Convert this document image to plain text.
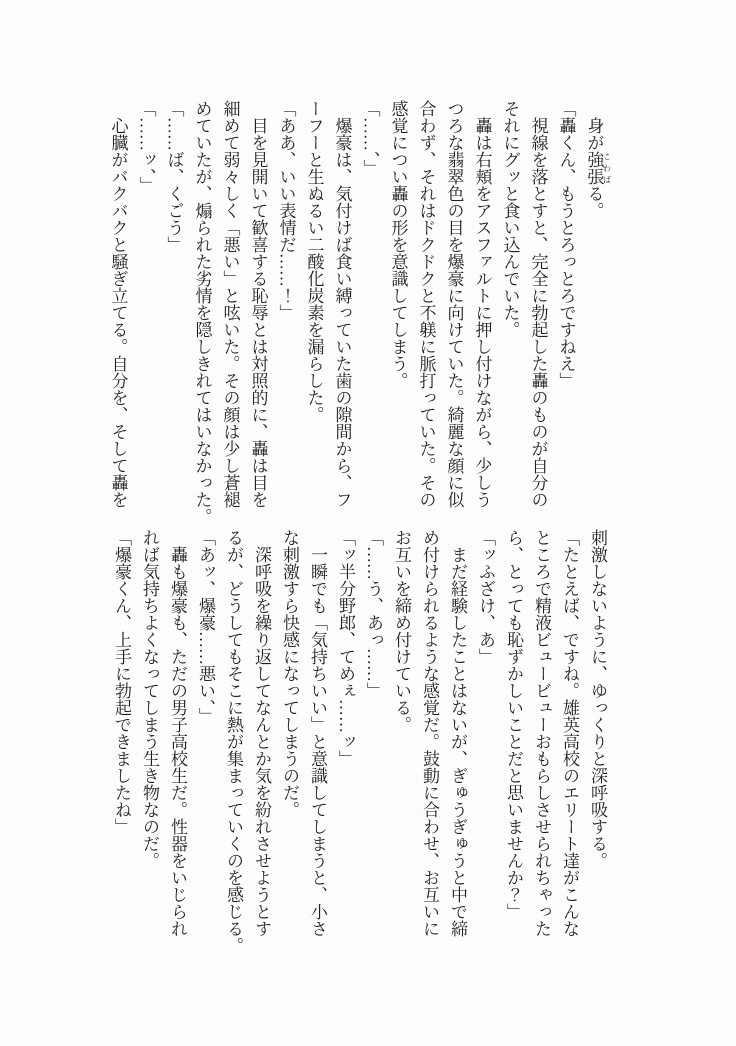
　身が強張 こわばる。

「轟くん、もうとろっとろですねえ」

　視線を落とすと、完全に勃起した轟のものが自分の

それにグッと食い込んでいた。

　轟は右頬をアスファルトに押し付けながら、少しう

つろな翡翠色の目を爆豪に向けていた。綺麗な顔に似

合わず、それはドクドクと不躾に脈打っていた。その

感覚につい轟の形を意識してしまう。

「……、」

　爆豪は、気付けば食い縛っていた歯の隙間から、フ

ーフーと生ぬるい二酸化炭素を漏らした。

「ああ、いい表情だ……！」

　目を見開いて歓喜する恥辱とは対照的に、轟は目を

細めて弱々しく「悪い」と呟いた。その顔は少し蒼褪

めていたが、煽られた劣情を隠しきれてはいなかった。

「……ば、くごう」

「……ッ、」

　心臓がバクバクと騒ぎ立てる。自分を、そして轟を

刺激しないように、ゆっくりと深呼吸する。

「たとえば、ですね。雄英高校のエリート達がこんな

ところで精液ビュービューおもらしさせられちゃった

ら、とっても恥ずかしいことだと思いませんか？」

「ッふざけ、あ」

　まだ経験したことはないが、ぎゅうぎゅうと中で締

め付けられるような感覚だ。鼓動に合わせ、お互いに

お互いを締め付けている。

「……う、あっ……」

「ッ半分野郎、てめぇ……ッ」

　一瞬でも「気持ちいい」と意識してしまうと、小さ

な刺激すら快感になってしまうのだ。

　深呼吸を繰り返してなんとか気を紛れさせようとす

るが、どうしてもそこに熱が集まっていくのを感じる。

「あッ、爆豪……悪い、」

　轟も爆豪も、ただの男子高校生だ。性器をいじられ

れば気持ちよくなってしまう生き物なのだ。

「爆豪くん、上手に勃起できましたね」
